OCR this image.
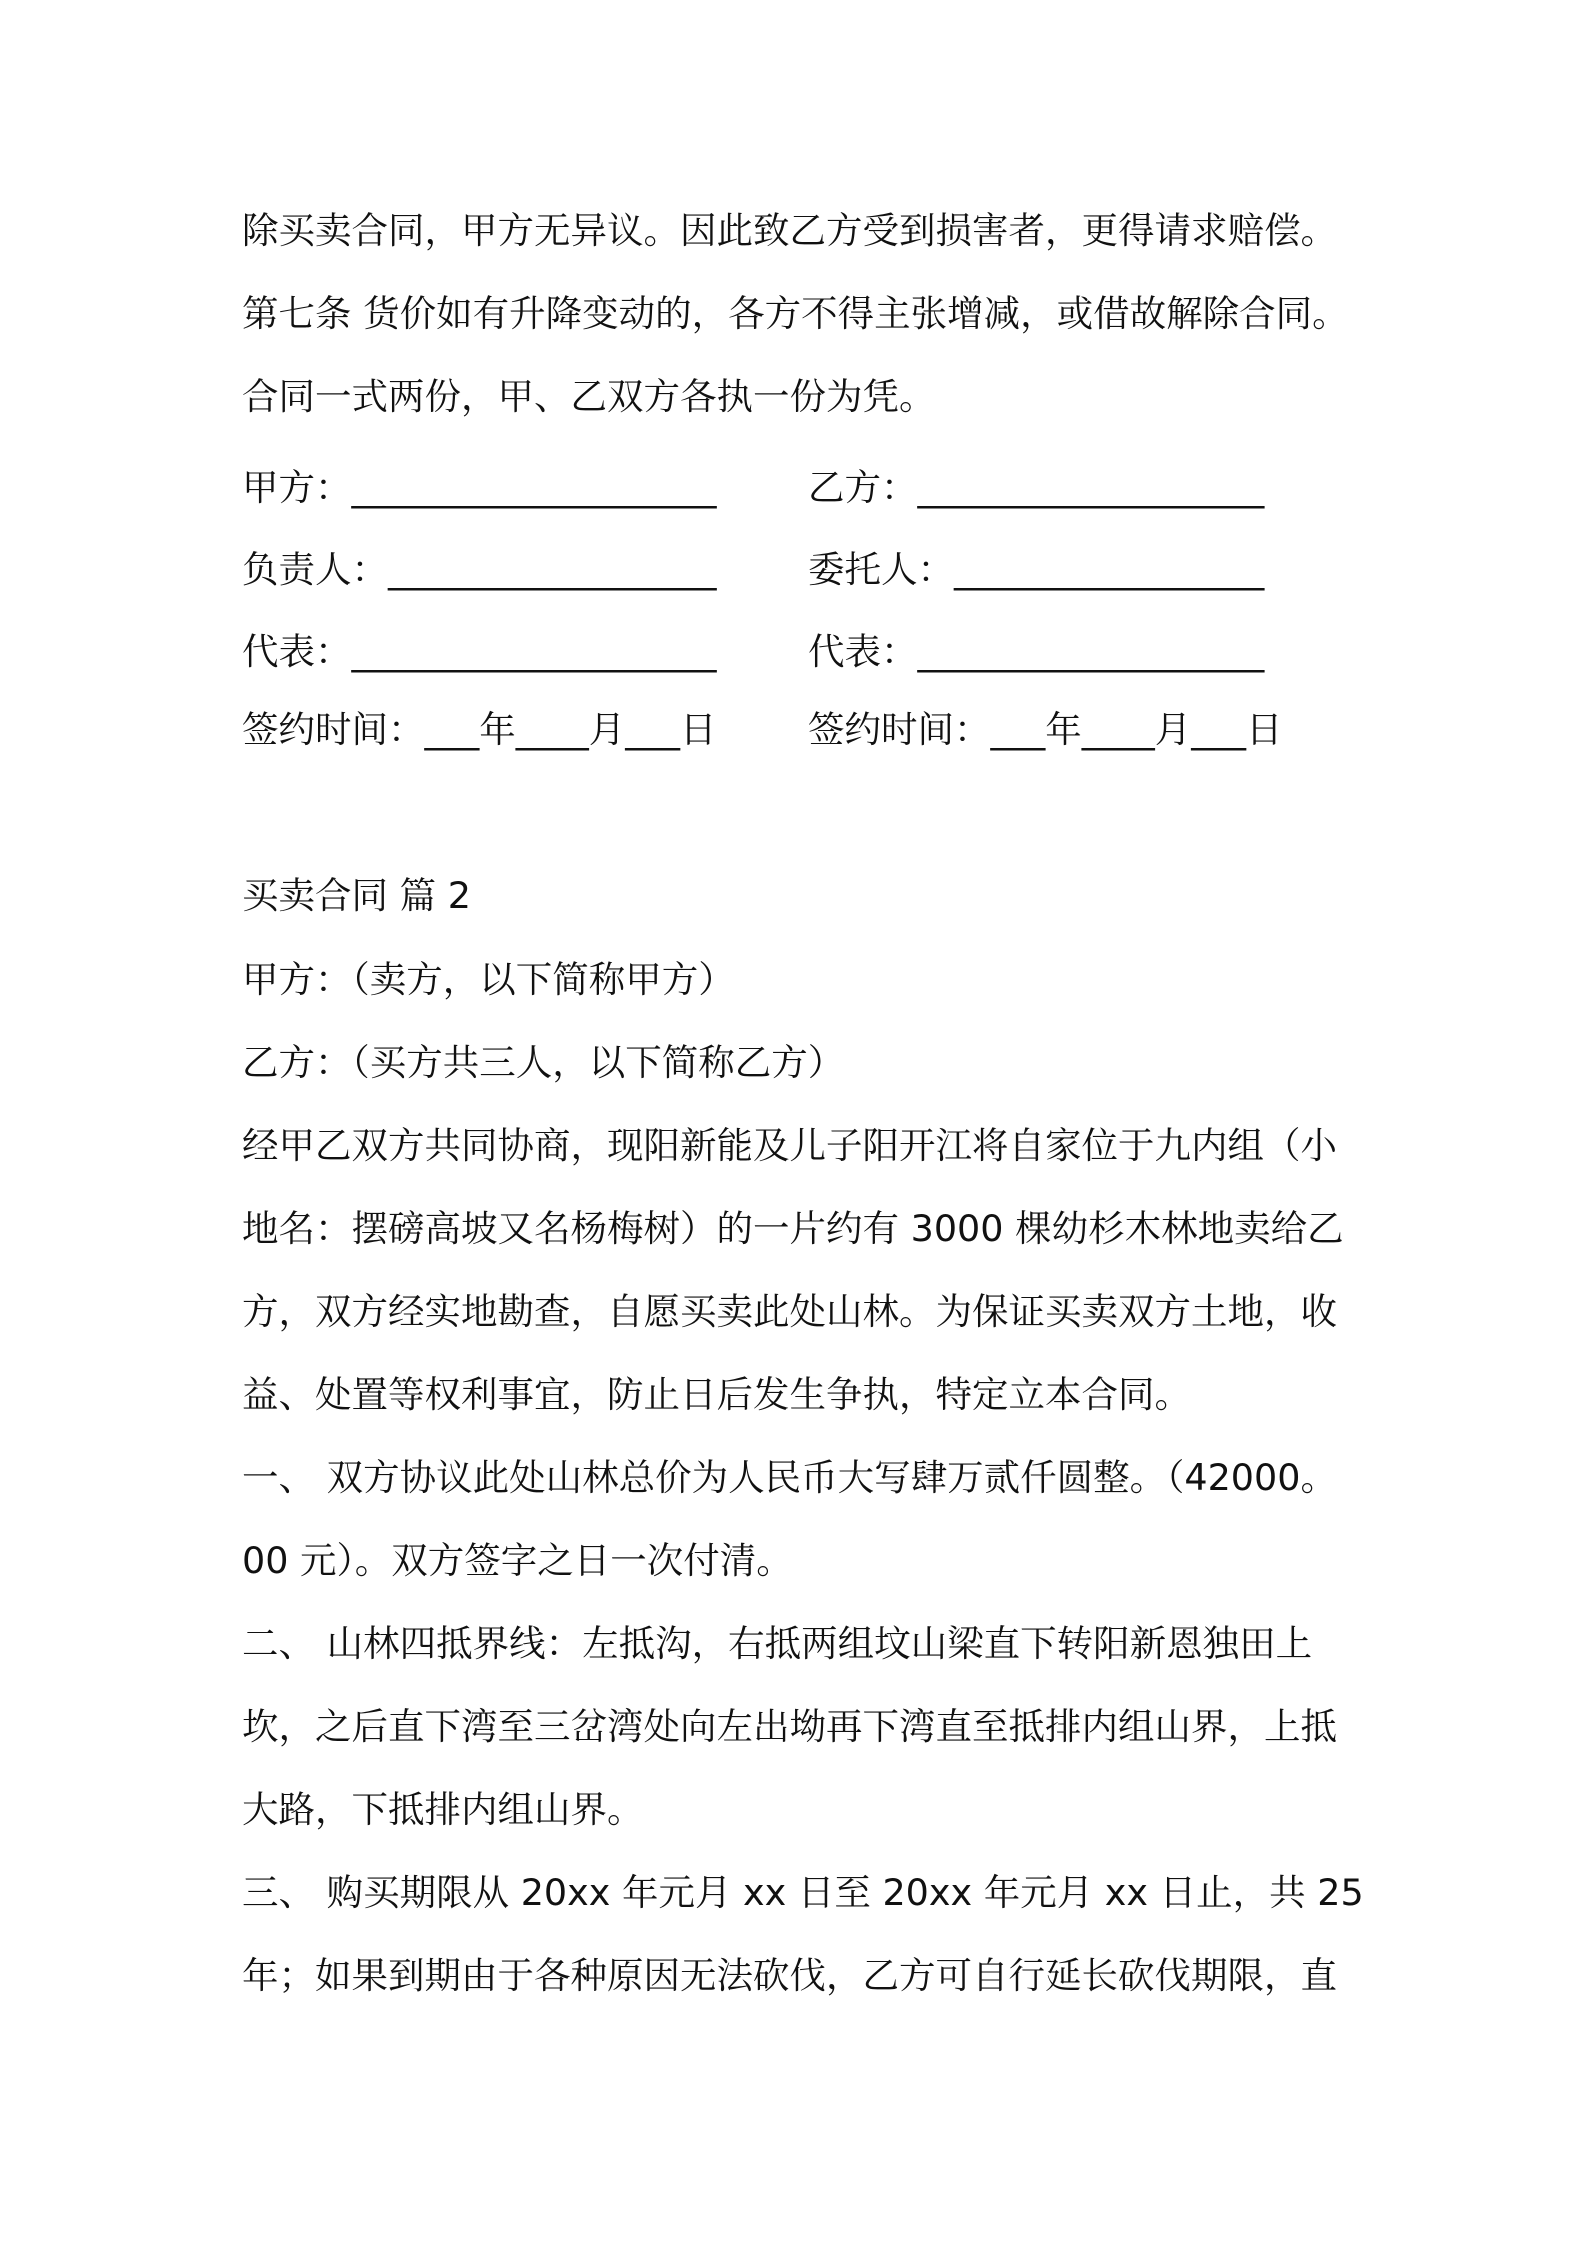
除买卖合同，甲方无异议。因此致乙方受到损害者，更得请求赔偿。
第七条 货价如有升降变动的，各方不得主张增减，或借故解除合同。
合同一式两份，甲、乙双方各执一份为凭。
甲方：____________________	乙方：___________________
负责人：__________________	委托人：_________________
代表：____________________	代表：___________________
签约时间：___年____月___日	签约时间：___年____月___日
买卖合同 篇 2
甲方：（卖方，以下简称甲方）
乙方：（买方共三人，以下简称乙方）
经甲乙双方共同协商，现阳新能及儿子阳开江将自家位于九内组（小
地名：摆磅高坡又名杨梅树）的一片约有 3000 棵幼杉木林地卖给乙
方，双方经实地勘查，自愿买卖此处山林。为保证买卖双方土地，收
益、处置等权利事宜，防止日后发生争执，特定立本合同。
一、 双方协议此处山林总价为人民币大写肆万贰仟圆整。（42000。
00 元）。双方签字之日一次付清。
二、 山林四抵界线：左抵沟，右抵两组坟山梁直下转阳新恩独田上
坎，之后直下湾至三岔湾处向左出坳再下湾直至抵排内组山界，上抵
大路，下抵排内组山界。
三、 购买期限从 20xx 年元月 xx 日至 20xx 年元月 xx 日止，共 25
年；如果到期由于各种原因无法砍伐，乙方可自行延长砍伐期限，直
